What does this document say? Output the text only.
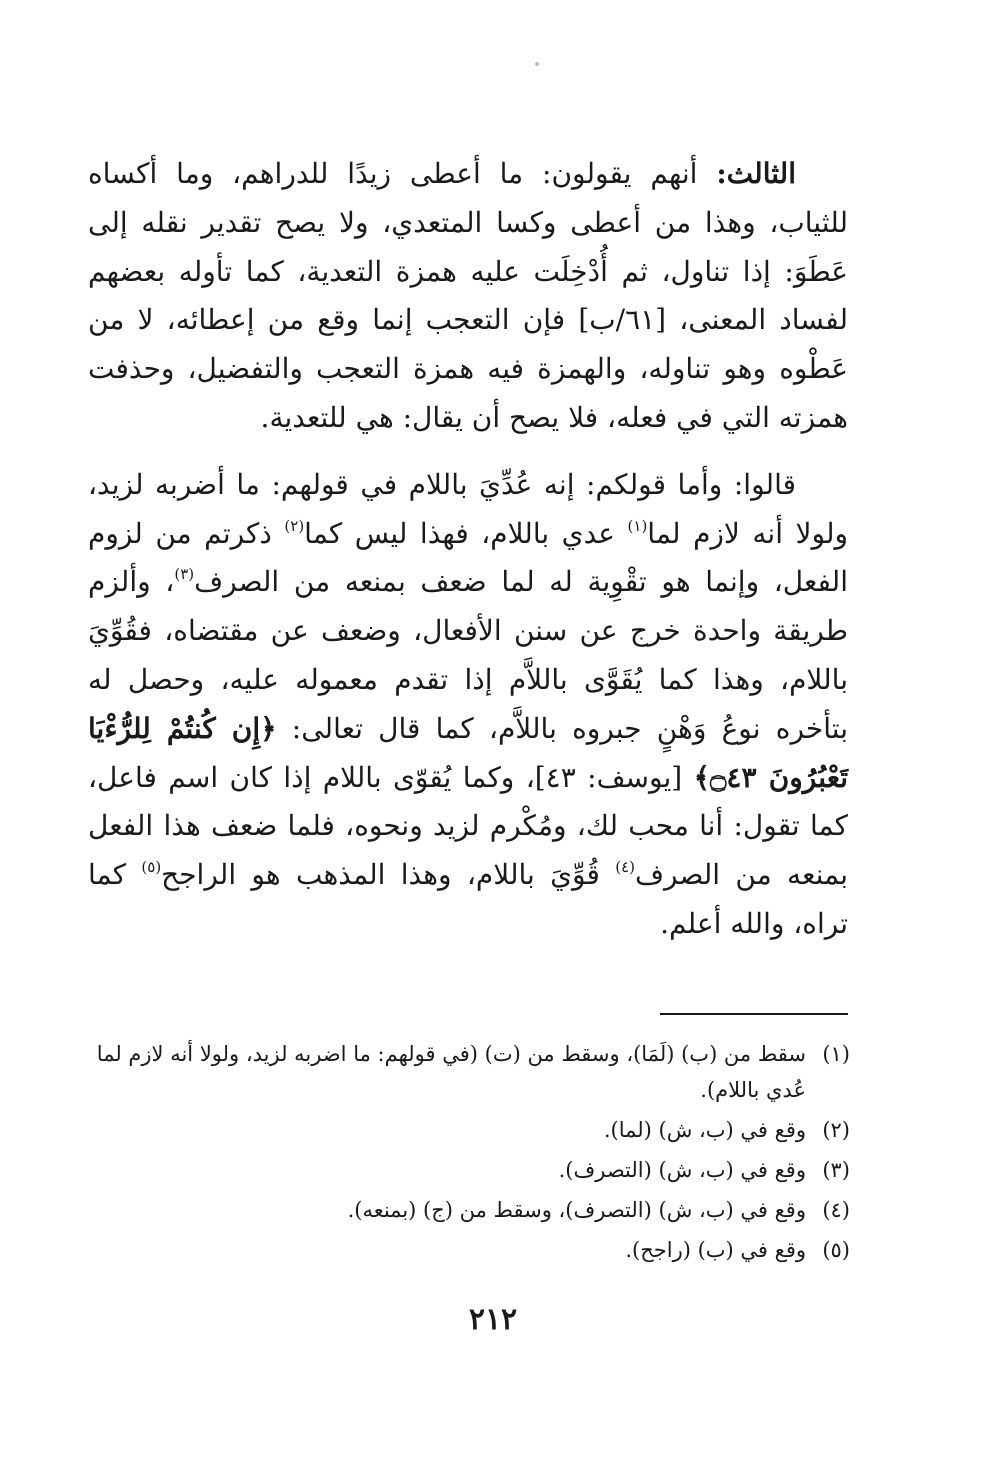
الثالث: أنهم يقولون: ما أعطى زيدًا للدراهم، وما أكساه للثياب، وهذا من أعطى وكسا المتعدي، ولا يصح تقدير نقله إلى عَطَوَ: إذا تناول، ثم أُدْخِلَت عليه همزة التعدية، كما تأوله بعضهم لفساد المعنى، [٦١/ب] فإن التعجب إنما وقع من إعطائه، لا من عَطْوه وهو تناوله، والهمزة فيه همزة التعجب والتفضيل، وحذفت همزته التي في فعله، فلا يصح أن يقال: هي للتعدية.

قالوا: وأما قولكم: إنه عُدِّيَ باللام في قولهم: ما أضربه لزيد، ولولا أنه لازم لما$^{(١)}$ عدي باللام، فهذا ليس كما$^{(٢)}$ ذكرتم من لزوم الفعل، وإنما هو تقْوِية له لما ضعف بمنعه من الصرف$^{(٣)}$، وألزم طريقة واحدة خرج عن سنن الأفعال، وضعف عن مقتضاه، فقُوِّيَ باللام، وهذا كما يُقَوَّى باللاَّم إذا تقدم معموله عليه، وحصل له بتأخره نوعُ وَهْنٍ جبروه باللاَّم، كما قال تعالى: ﴿إِن كُنتُمْ لِلرُّءْيَا تَعْبُرُونَ ۝٤٣﴾ [يوسف: ٤٣]، وكما يُقوّى باللام إذا كان اسم فاعل، كما تقول: أنا محب لك، ومُكْرم لزيد ونحوه، فلما ضعف هذا الفعل بمنعه من الصرف$^{(٤)}$ قُوِّيَ باللام، وهذا المذهب هو الراجح$^{(٥)}$ كما تراه، والله أعلم.

(١)
سقط من (ب) (لَمَا)، وسقط من (ت) (في قولهم: ما اضربه لزيد، ولولا أنه لازم لما عُدي باللام).
(٢)
وقع في (ب، ش) (لما).
(٣)
وقع في (ب، ش) (التصرف).
(٤)
وقع في (ب، ش) (التصرف)، وسقط من (ج) (بمنعه).
(٥)
وقع في (ب) (راجح).
٢١٢
